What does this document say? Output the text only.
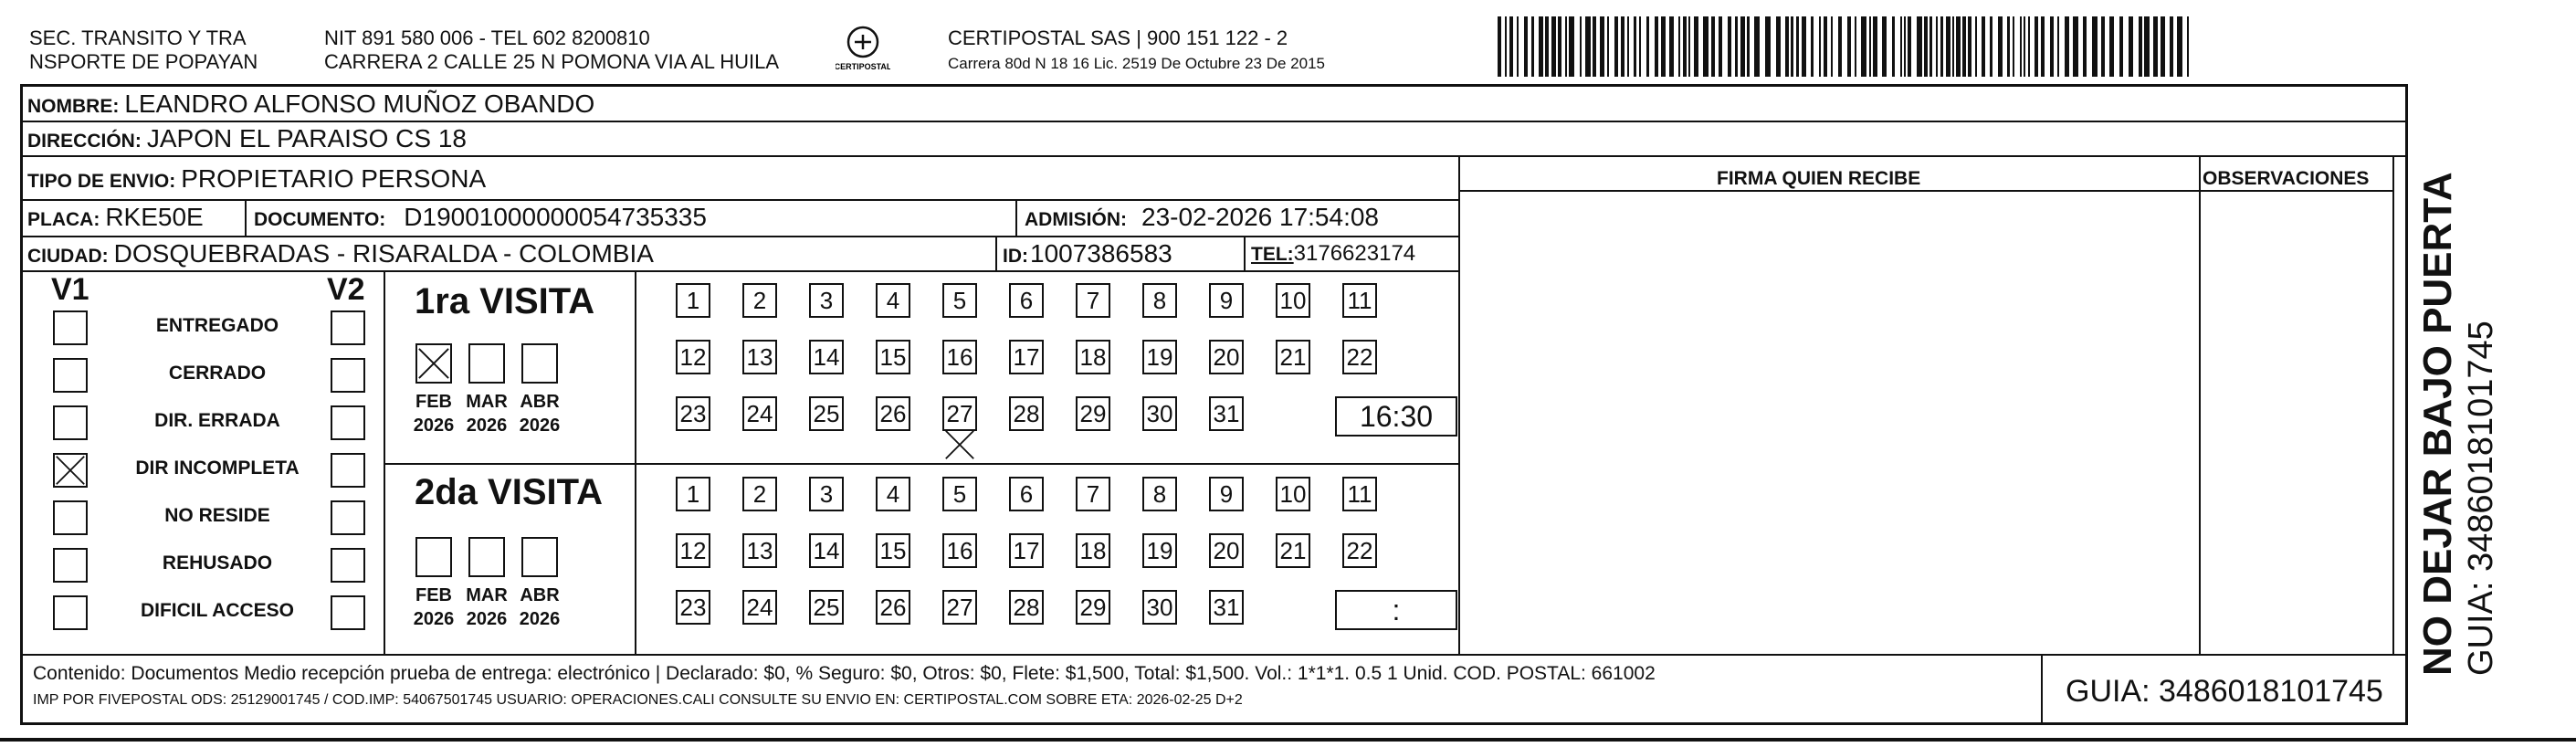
SEC. TRANSITO Y TRA
NSPORTE DE POPAYAN
NIT 891 580 006 - TEL 602 8200810
CARRERA 2 CALLE 25 N POMONA VIA AL HUILA	CERTIPOSTAL
CERTIPOSTAL SAS | 900 151 122 - 2
Carrera 80d N 18 16 Lic. 2519 De Octubre 23 De 2015
NOMBRE: LEANDRO ALFONSO MUÑOZ OBANDO
DIRECCIÓN: JAPON EL PARAISO CS 18
TIPO DE ENVIO: PROPIETARIO PERSONA	FIRMA QUIEN RECIBE	OBSERVACIONES
PLACA: RKE50E	DOCUMENTO: D19001000000054735335	ADMISIÓN: 23-02-2026 17:54:08
CIUDAD: DOSQUEBRADAS - RISARALDA - COLOMBIA	ID: 1007386583	TEL: 3176623174
V1	V2
ENTREGADO
CERRADO
DIR. ERRADA
DIR INCOMPLETA
NO RESIDE
REHUSADO
DIFICIL ACCESO
1ra VISITA
FEB
2026
MAR
2026
ABR
2026
1	2	3	4	5	6	7	8	9	10 11
12 13 14 15 16 17 18 19 20 21 22
23 24 25 26 27 28 29 30 31	16:30
2da VISITA
FEB
2026
MAR
2026
ABR
2026
1	2	3	4	5	6	7	8	9	10 11
12 13 14 15 16 17 18 19 20 21 22
23 24 25 26 27 28 29 30 31	:
Contenido: Documentos Medio recepción prueba de entrega: electrónico | Declarado: $0, % Seguro: $0, Otros: $0, Flete: $1,500, Total: $1,500. Vol.: 1*1*1. 0.5 1 Unid. COD. POSTAL: 661002
IMP POR FIVEPOSTAL ODS: 25129001745 / COD.IMP: 54067501745 USUARIO: OPERACIONES.CALI CONSULTE SU ENVIO EN: CERTIPOSTAL.COM SOBRE ETA: 2026-02-25 D+2	GUIA: 3486018101745
NO DEJAR BAJO PUERTA GUIA: 3486018101745
